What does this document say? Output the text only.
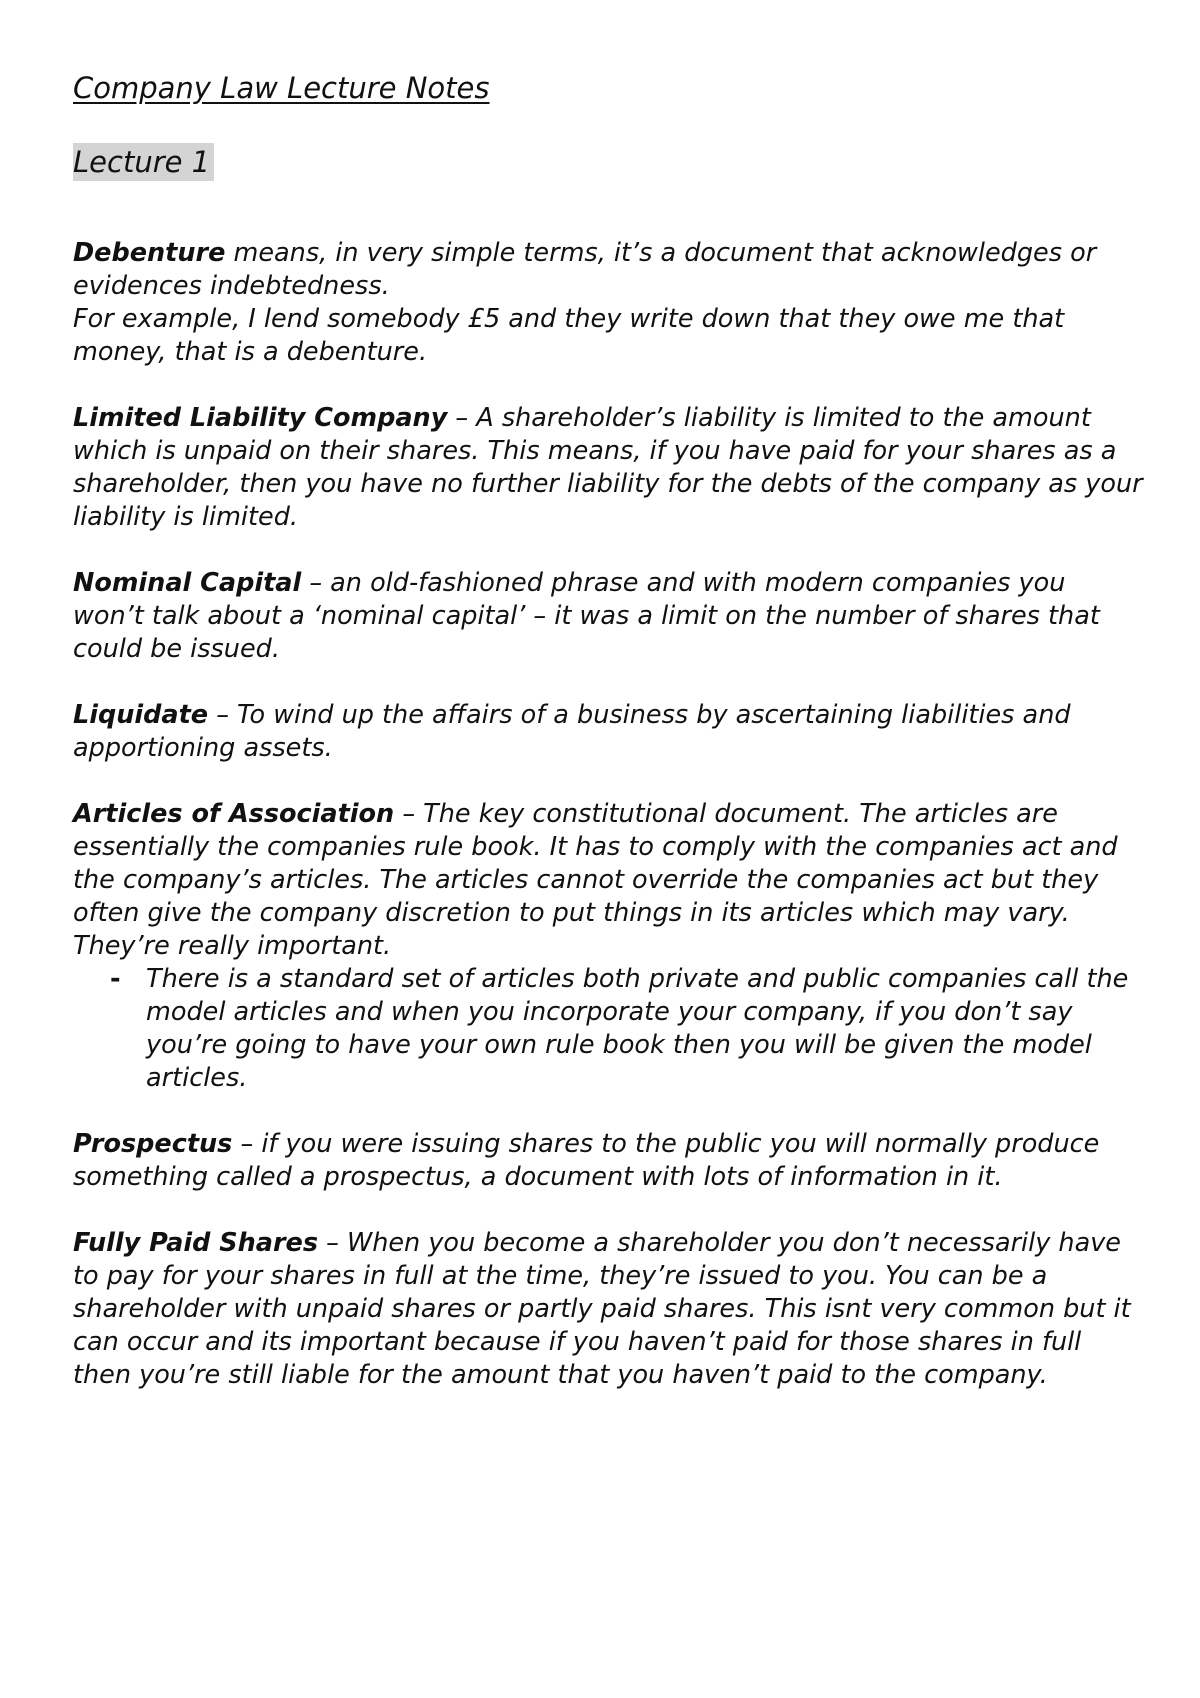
Company Law Lecture Notes
Lecture 1
Debenture means, in very simple terms, it’s a document that acknowledges or evidences indebtedness.
For example, I lend somebody £5 and they write down that they owe me that money, that is a debenture.
Limited Liability Company – A shareholder’s liability is limited to the amount which is unpaid on their shares. This means, if you have paid for your shares as a shareholder, then you have no further liability for the debts of the company as your liability is limited.
Nominal Capital – an old-fashioned phrase and with modern companies you won’t talk about a ‘nominal capital’ – it was a limit on the number of shares that could be issued.
Liquidate – To wind up the affairs of a business by ascertaining liabilities and apportioning assets.
Articles of Association – The key constitutional document. The articles are essentially the companies rule book. It has to comply with the companies act and the company’s articles. The articles cannot override the companies act but they often give the company discretion to put things in its articles which may vary. They’re really important.
- There is a standard set of articles both private and public companies call the model articles and when you incorporate your company, if you don’t say you’re going to have your own rule book then you will be given the model articles.
Prospectus – if you were issuing shares to the public you will normally produce something called a prospectus, a document with lots of information in it.
Fully Paid Shares – When you become a shareholder you don’t necessarily have to pay for your shares in full at the time, they’re issued to you. You can be a shareholder with unpaid shares or partly paid shares. This isnt very common but it can occur and its important because if you haven’t paid for those shares in full then you’re still liable for the amount that you haven’t paid to the company.
